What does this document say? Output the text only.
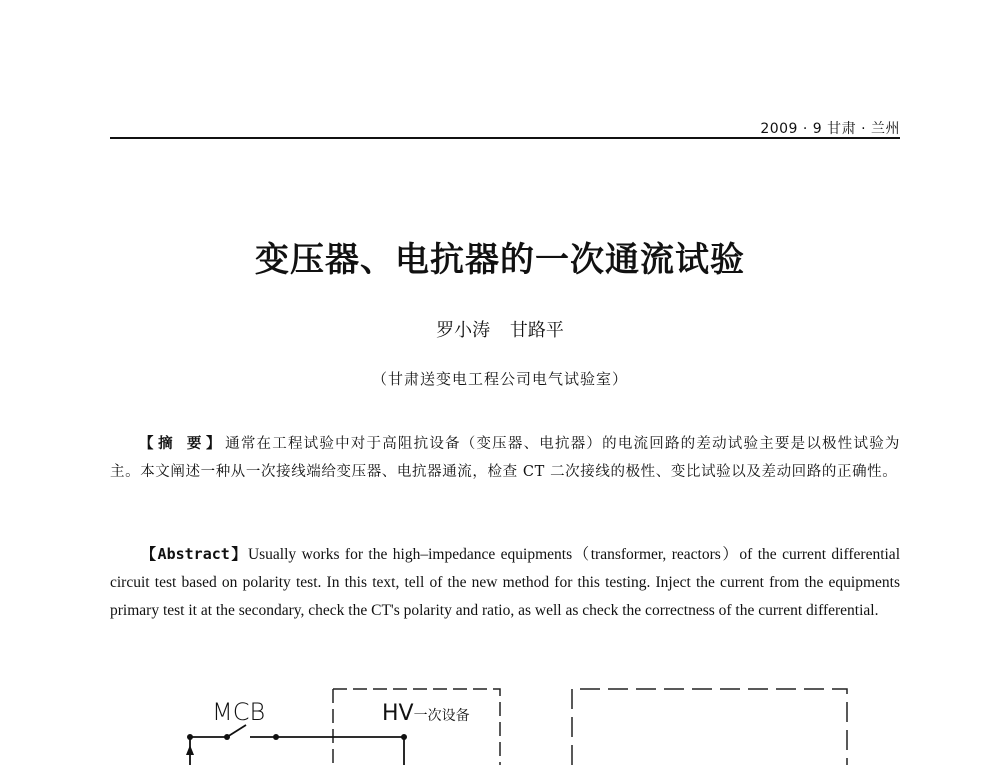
2009 · 9 甘肃 · 兰州
变压器、电抗器的一次通流试验
罗小涛 甘路平
（甘肃送变电工程公司电气试验室）
【摘 要】通常在工程试验中对于高阻抗设备（变压器、电抗器）的电流回路的差动试验主要是以极性试验为主。本文阐述一种从一次接线端给变压器、电抗器通流，检查 CT 二次接线的极性、变比试验以及差动回路的正确性。
【Abstract】Usually works for the high–impedance equipments（transformer, reactors）of the current differential circuit test based on polarity test. In this text, tell of the new method for this testing. Inject the current from the equipments primary test it at the secondary, check the CT's polarity and ratio, as well as check the correctness of the current differential.
MCB	HV一次设备
